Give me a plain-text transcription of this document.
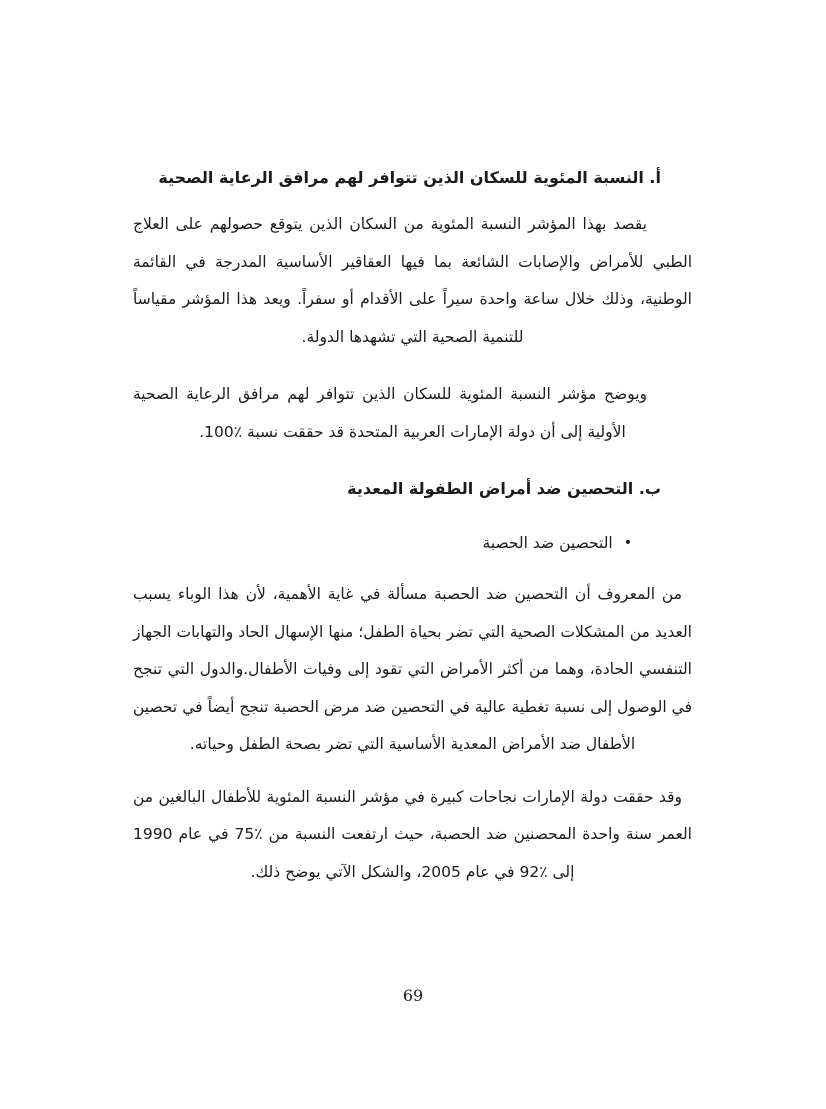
أ. النسبة المئوية للسكان الذين تتوافر لهم مرافق الرعاية الصحية

يقصد بهذا المؤشر النسبة المئوية من السكان الذين يتوقع حصولهم على العلاج الطبي للأمراض والإصابات الشائعة بما فيها العقاقير الأساسية المدرجة في القائمة الوطنية، وذلك خلال ساعة واحدة سيراً على الأقدام أو سفراً. ويعد هذا المؤشر مقياساً للتنمية الصحية التي تشهدها الدولة.

ويوضح مؤشر النسبة المئوية للسكان الذين تتوافر لهم مرافق الرعاية الصحية الأولية إلى أن دولة الإمارات العربية المتحدة قد حققت نسبة ٪100.

ب. التحصين ضد أمراض الطفولة المعدية
•
التحصين ضد الحصبة

من المعروف أن التحصين ضد الحصبة مسألة في غاية الأهمية، لأن هذا الوباء يسبب العديد من المشكلات الصحية التي تضر بحياة الطفل؛ منها الإسهال الحاد والتهابات الجهاز التنفسي الحادة، وهما من أكثر الأمراض التي تقود إلى وفيات الأطفال.والدول التي تنجح في الوصول إلى نسبة تغطية عالية في التحصين ضد مرض الحصبة تنجح أيضاً في تحصين الأطفال ضد الأمراض المعدية الأساسية التي تضر بصحة الطفل وحياته.

وقد حققت دولة الإمارات نجاحات كبيرة في مؤشر النسبة المئوية للأطفال البالغين من العمر سنة واحدة المحصنين ضد الحصبة، حيث ارتفعت النسبة من ٪75 في عام 1990 إلى ٪92 في عام 2005، والشكل الآتي يوضح ذلك.

69
